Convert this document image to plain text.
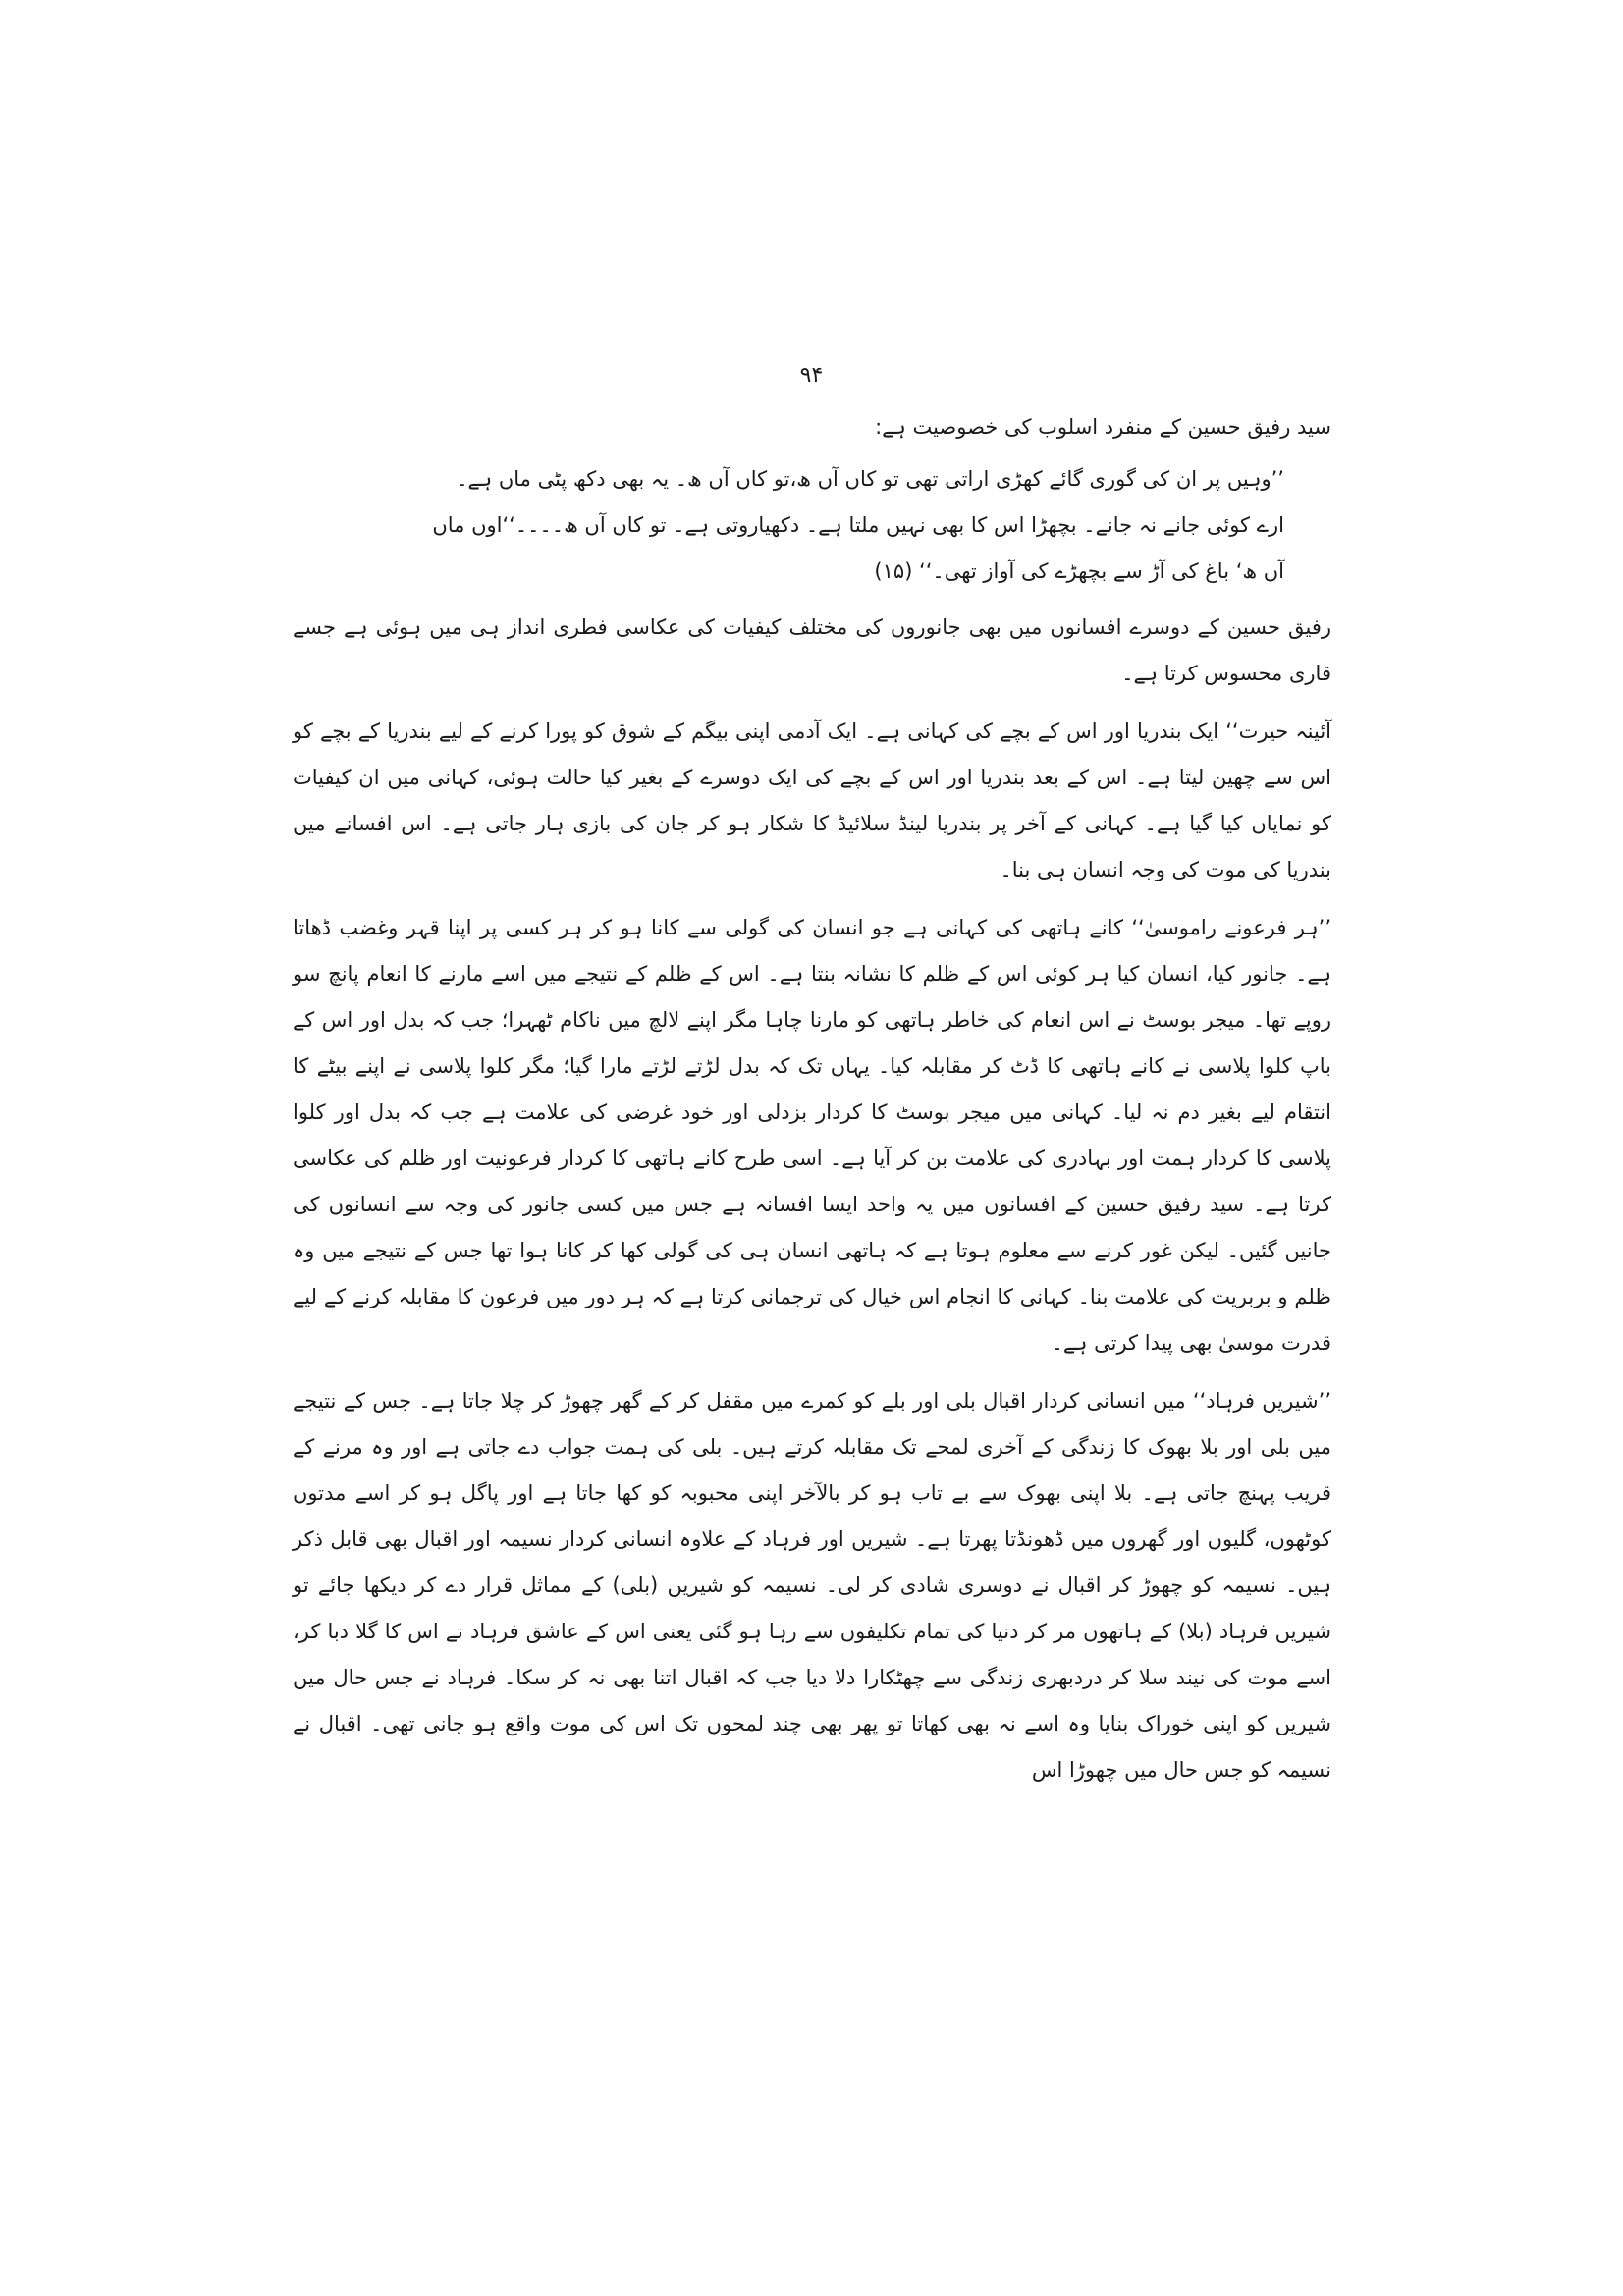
۹۴

سید رفیق حسین کے منفرد اسلوب کی خصوصیت ہے:

’’وہیں پر ان کی گوری گائے کھڑی اراتی تھی تو کاں آں ھ،تو کاں آں ھ۔ یہ بھی دکھ پٹی ماں ہے۔
ارے کوئی جانے نہ جانے۔ بچھڑا اس کا بھی نہیں ملتا ہے۔ دکھیاروتی ہے۔ تو کاں آں ھ۔۔۔۔‘‘اوں ماں
آں ھ‘ باغ کی آڑ سے بچھڑے کی آواز تھی۔‘‘ (۱۵)

رفیق حسین کے دوسرے افسانوں میں بھی جانوروں کی مختلف کیفیات کی عکاسی فطری انداز ہی میں ہوئی ہے جسے قاری محسوس کرتا ہے۔

آئینہ حیرت‘‘ ایک بندریا اور اس کے بچے کی کہانی ہے۔ ایک آدمی اپنی بیگم کے شوق کو پورا کرنے کے لیے بندریا کے بچے کو اس سے چھین لیتا ہے۔ اس کے بعد بندریا اور اس کے بچے کی ایک دوسرے کے بغیر کیا حالت ہوئی، کہانی میں ان کیفیات کو نمایاں کیا گیا ہے۔ کہانی کے آخر پر بندریا لینڈ سلائیڈ کا شکار ہو کر جان کی بازی ہار جاتی ہے۔ اس افسانے میں بندریا کی موت کی وجہ انسان ہی بنا۔

’’ہر فرعونے راموسیٰ‘‘ کانے ہاتھی کی کہانی ہے جو انسان کی گولی سے کانا ہو کر ہر کسی پر اپنا قہر وغضب ڈھاتا ہے۔ جانور کیا، انسان کیا ہر کوئی اس کے ظلم کا نشانہ بنتا ہے۔ اس کے ظلم کے نتیجے میں اسے مارنے کا انعام پانچ سو روپے تھا۔ میجر بوسٹ نے اس انعام کی خاطر ہاتھی کو مارنا چاہا مگر اپنے لالچ میں ناکام ٹھہرا؛ جب کہ بدل اور اس کے باپ کلوا پلاسی نے کانے ہاتھی کا ڈٹ کر مقابلہ کیا۔ یہاں تک کہ بدل لڑتے لڑتے مارا گیا؛ مگر کلوا پلاسی نے اپنے بیٹے کا انتقام لیے بغیر دم نہ لیا۔ کہانی میں میجر بوسٹ کا کردار بزدلی اور خود غرضی کی علامت ہے جب کہ بدل اور کلوا پلاسی کا کردار ہمت اور بہادری کی علامت بن کر آیا ہے۔ اسی طرح کانے ہاتھی کا کردار فرعونیت اور ظلم کی عکاسی کرتا ہے۔ سید رفیق حسین کے افسانوں میں یہ واحد ایسا افسانہ ہے جس میں کسی جانور کی وجہ سے انسانوں کی جانیں گئیں۔ لیکن غور کرنے سے معلوم ہوتا ہے کہ ہاتھی انسان ہی کی گولی کھا کر کانا ہوا تھا جس کے نتیجے میں وہ ظلم و بربریت کی علامت بنا۔ کہانی کا انجام اس خیال کی ترجمانی کرتا ہے کہ ہر دور میں فرعون کا مقابلہ کرنے کے لیے قدرت موسیٰ بھی پیدا کرتی ہے۔

’’شیریں فرہاد‘‘ میں انسانی کردار اقبال بلی اور بلے کو کمرے میں مقفل کر کے گھر چھوڑ کر چلا جاتا ہے۔ جس کے نتیجے میں بلی اور بلا بھوک کا زندگی کے آخری لمحے تک مقابلہ کرتے ہیں۔ بلی کی ہمت جواب دے جاتی ہے اور وہ مرنے کے قریب پہنچ جاتی ہے۔ بلا اپنی بھوک سے بے تاب ہو کر بالآخر اپنی محبوبہ کو کھا جاتا ہے اور پاگل ہو کر اسے مدتوں کوٹھوں، گلیوں اور گھروں میں ڈھونڈتا پھرتا ہے۔ شیریں اور فرہاد کے علاوہ انسانی کردار نسیمہ اور اقبال بھی قابل ذکر ہیں۔ نسیمہ کو چھوڑ کر اقبال نے دوسری شادی کر لی۔ نسیمہ کو شیریں (بلی) کے مماثل قرار دے کر دیکھا جائے تو شیریں فرہاد (بلا) کے ہاتھوں مر کر دنیا کی تمام تکلیفوں سے رہا ہو گئی یعنی اس کے عاشق فرہاد نے اس کا گلا دبا کر، اسے موت کی نیند سلا کر دردبھری زندگی سے چھٹکارا دلا دیا جب کہ اقبال اتنا بھی نہ کر سکا۔ فرہاد نے جس حال میں شیریں کو اپنی خوراک بنایا وہ اسے نہ بھی کھاتا تو پھر بھی چند لمحوں تک اس کی موت واقع ہو جانی تھی۔ اقبال نے نسیمہ کو جس حال میں چھوڑا اس
